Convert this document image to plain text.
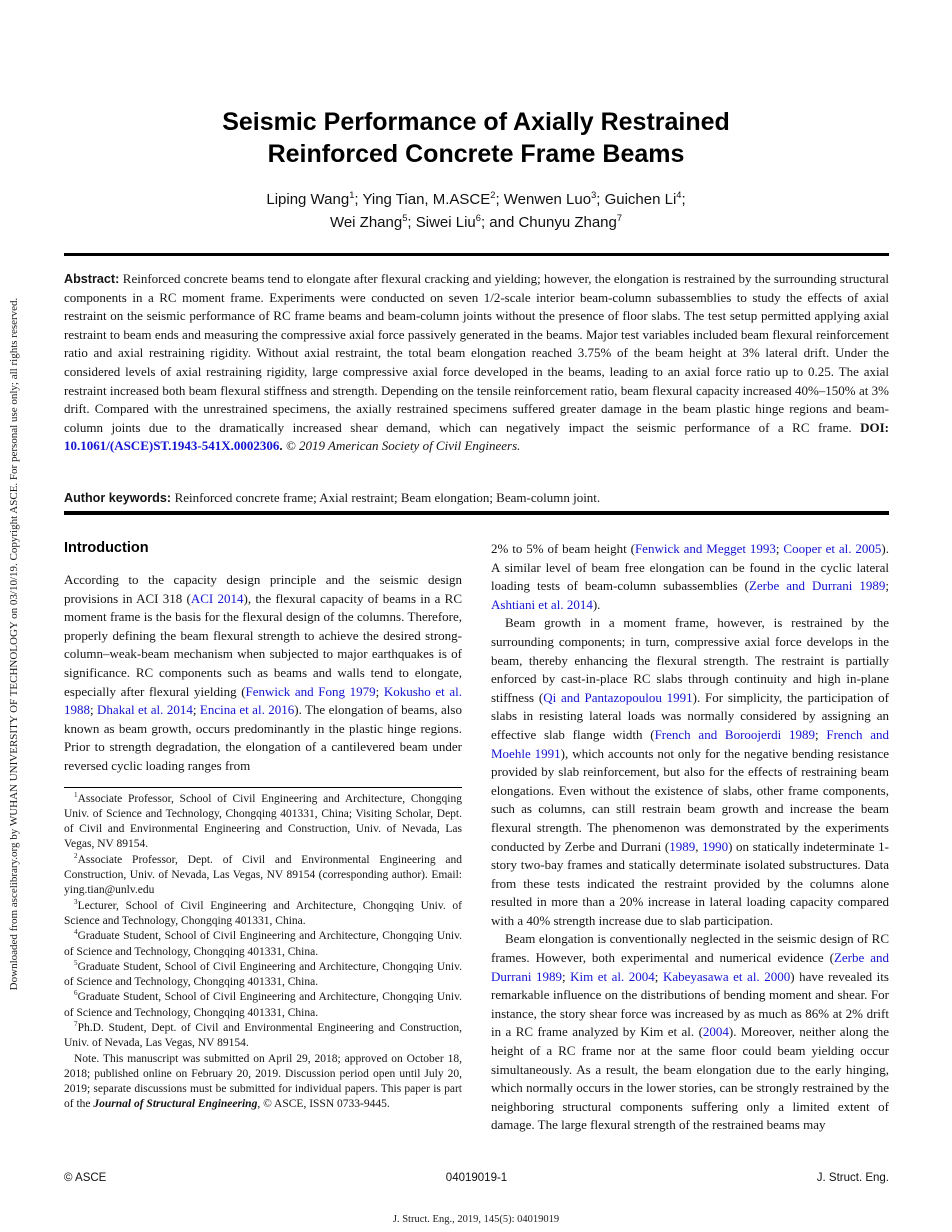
Downloaded from ascelibrary.org by WUHAN UNIVERSITY OF TECHNOLOGY on 03/10/19. Copyright ASCE. For personal use only; all rights reserved.
Seismic Performance of Axially Restrained
Reinforced Concrete Frame Beams
Liping Wang$^1$; Ying Tian, M.ASCE$^2$; Wenwen Luo$^3$; Guichen Li$^4$;
Wei Zhang$^5$; Siwei Liu$^6$; and Chunyu Zhang$^7$

Abstract: Reinforced concrete beams tend to elongate after flexural cracking and yielding; however, the elongation is restrained by the surrounding structural components in a RC moment frame. Experiments were conducted on seven 1/2-scale interior beam-column subassemblies to study the effects of axial restraint on the seismic performance of RC frame beams and beam-column joints without the presence of floor slabs. The test setup permitted applying axial restraint to beam ends and measuring the compressive axial force passively generated in the beams. Major test variables included beam flexural reinforcement ratio and axial restraining rigidity. Without axial restraint, the total beam elongation reached 3.75% of the beam height at 3% lateral drift. Under the considered levels of axial restraining rigidity, large compressive axial force developed in the beams, leading to an axial force ratio up to 0.25. The axial restraint increased both beam flexural stiffness and strength. Depending on the tensile reinforcement ratio, beam flexural capacity increased 40%–150% at 3% drift. Compared with the unrestrained specimens, the axially restrained specimens suffered greater damage in the beam plastic hinge regions and beam-column joints due to the dramatically increased shear demand, which can negatively impact the seismic performance of a RC frame. DOI: 10.1061/(ASCE)ST.1943-541X.0002306. © 2019 American Society of Civil Engineers.

Author keywords: Reinforced concrete frame; Axial restraint; Beam elongation; Beam-column joint.

Introduction

According to the capacity design principle and the seismic design provisions in ACI 318 (ACI 2014), the flexural capacity of beams in a RC moment frame is the basis for the flexural design of the columns. Therefore, properly defining the beam flexural strength to achieve the desired strong-column–weak-beam mechanism when subjected to major earthquakes is of significance. RC components such as beams and walls tend to elongate, especially after flexural yielding (Fenwick and Fong 1979; Kokusho et al. 1988; Dhakal et al. 2014; Encina et al. 2016). The elongation of beams, also known as beam growth, occurs predominantly in the plastic hinge regions. Prior to strength degradation, the elongation of a cantilevered beam under reversed cyclic loading ranges from

$^1$Associate Professor, School of Civil Engineering and Architecture, Chongqing Univ. of Science and Technology, Chongqing 401331, China; Visiting Scholar, Dept. of Civil and Environmental Engineering and Construction, Univ. of Nevada, Las Vegas, NV 89154.

$^2$Associate Professor, Dept. of Civil and Environmental Engineering and Construction, Univ. of Nevada, Las Vegas, NV 89154 (corresponding author). Email: ying.tian@unlv.edu

$^3$Lecturer, School of Civil Engineering and Architecture, Chongqing Univ. of Science and Technology, Chongqing 401331, China.

$^4$Graduate Student, School of Civil Engineering and Architecture, Chongqing Univ. of Science and Technology, Chongqing 401331, China.

$^5$Graduate Student, School of Civil Engineering and Architecture, Chongqing Univ. of Science and Technology, Chongqing 401331, China.

$^6$Graduate Student, School of Civil Engineering and Architecture, Chongqing Univ. of Science and Technology, Chongqing 401331, China.

$^7$Ph.D. Student, Dept. of Civil and Environmental Engineering and Construction, Univ. of Nevada, Las Vegas, NV 89154.

Note. This manuscript was submitted on April 29, 2018; approved on October 18, 2018; published online on February 20, 2019. Discussion period open until July 20, 2019; separate discussions must be submitted for individual papers. This paper is part of the Journal of Structural Engineering, © ASCE, ISSN 0733-9445.

2% to 5% of beam height (Fenwick and Megget 1993; Cooper et al. 2005). A similar level of beam free elongation can be found in the cyclic lateral loading tests of beam-column subassemblies (Zerbe and Durrani 1989; Ashtiani et al. 2014).

Beam growth in a moment frame, however, is restrained by the surrounding components; in turn, compressive axial force develops in the beam, thereby enhancing the flexural strength. The restraint is partially enforced by cast-in-place RC slabs through continuity and high in-plane stiffness (Qi and Pantazopoulou 1991). For simplicity, the participation of slabs in resisting lateral loads was normally considered by assigning an effective slab flange width (French and Boroojerdi 1989; French and Moehle 1991), which accounts not only for the negative bending resistance provided by slab reinforcement, but also for the effects of restraining beam elongations. Even without the existence of slabs, other frame components, such as columns, can still restrain beam growth and increase the beam flexural strength. The phenomenon was demonstrated by the experiments conducted by Zerbe and Durrani (1989, 1990) on statically indeterminate 1-story two-bay frames and statically determinate isolated substructures. Data from these tests indicated the restraint provided by the columns alone resulted in more than a 20% increase in lateral loading capacity compared with a 40% strength increase due to slab participation.

Beam elongation is conventionally neglected in the seismic design of RC frames. However, both experimental and numerical evidence (Zerbe and Durrani 1989; Kim et al. 2004; Kabeyasawa et al. 2000) have revealed its remarkable influence on the distributions of bending moment and shear. For instance, the story shear force was increased by as much as 86% at 2% drift in a RC frame analyzed by Kim et al. (2004). Moreover, neither along the height of a RC frame nor at the same floor could beam yielding occur simultaneously. As a result, the beam elongation due to the early hinging, which normally occurs in the lower stories, can be strongly restrained by the neighboring structural components suffering only a limited extent of damage. The large flexural strength of the restrained beams may

© ASCE	04019019-1	J. Struct. Eng.
J. Struct. Eng., 2019, 145(5): 04019019
